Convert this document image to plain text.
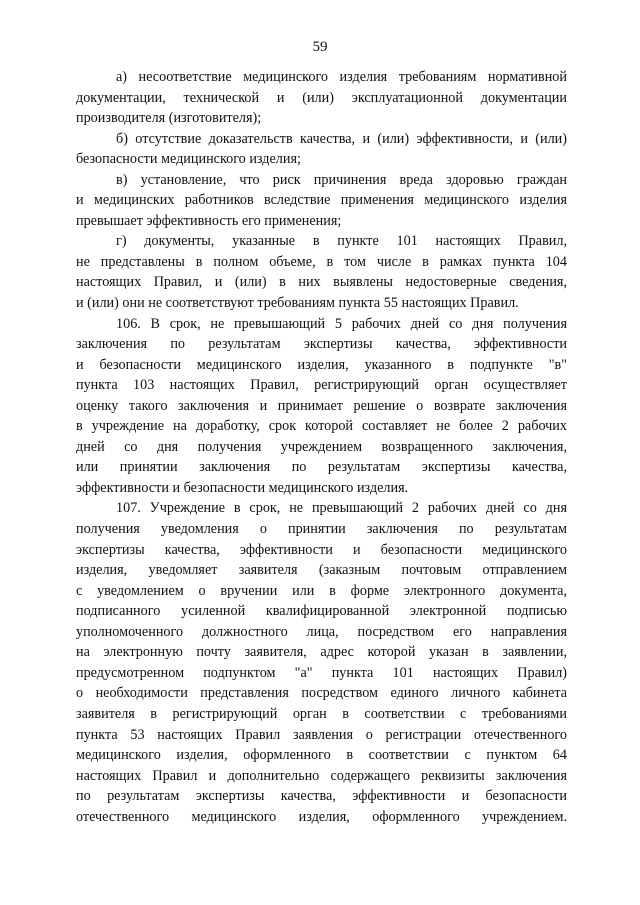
59

а) несоответствие медицинского изделия требованиям нормативной
документации, технической и (или) эксплуатационной документации
производителя (изготовителя);

б) отсутствие доказательств качества, и (или) эффективности, и (или)
безопасности медицинского изделия;

в) установление, что риск причинения вреда здоровью граждан
и медицинских работников вследствие применения медицинского изделия
превышает эффективность его применения;

г) документы, указанные в пункте 101 настоящих Правил,
не представлены в полном объеме, в том числе в рамках пункта 104
настоящих Правил, и (или) в них выявлены недостоверные сведения,
и (или) они не соответствуют требованиям пункта 55 настоящих Правил.

106. В срок, не превышающий 5 рабочих дней со дня получения
заключения по результатам экспертизы качества, эффективности
и безопасности медицинского изделия, указанного в подпункте "в"
пункта 103 настоящих Правил, регистрирующий орган осуществляет
оценку такого заключения и принимает решение о возврате заключения
в учреждение на доработку, срок которой составляет не более 2 рабочих
дней со дня получения учреждением возвращенного заключения,
или принятии заключения по результатам экспертизы качества,
эффективности и безопасности медицинского изделия.

107. Учреждение в срок, не превышающий 2 рабочих дней со дня
получения уведомления о принятии заключения по результатам
экспертизы качества, эффективности и безопасности медицинского
изделия, уведомляет заявителя (заказным почтовым отправлением
с уведомлением о вручении или в форме электронного документа,
подписанного усиленной квалифицированной электронной подписью
уполномоченного должностного лица, посредством его направления
на электронную почту заявителя, адрес которой указан в заявлении,
предусмотренном подпунктом "а" пункта 101 настоящих Правил)
о необходимости представления посредством единого личного кабинета
заявителя в регистрирующий орган в соответствии с требованиями
пункта 53 настоящих Правил заявления о регистрации отечественного
медицинского изделия, оформленного в соответствии с пунктом 64
настоящих Правил и дополнительно содержащего реквизиты заключения
по результатам экспертизы качества, эффективности и безопасности
отечественного медицинского изделия, оформленного учреждением.
